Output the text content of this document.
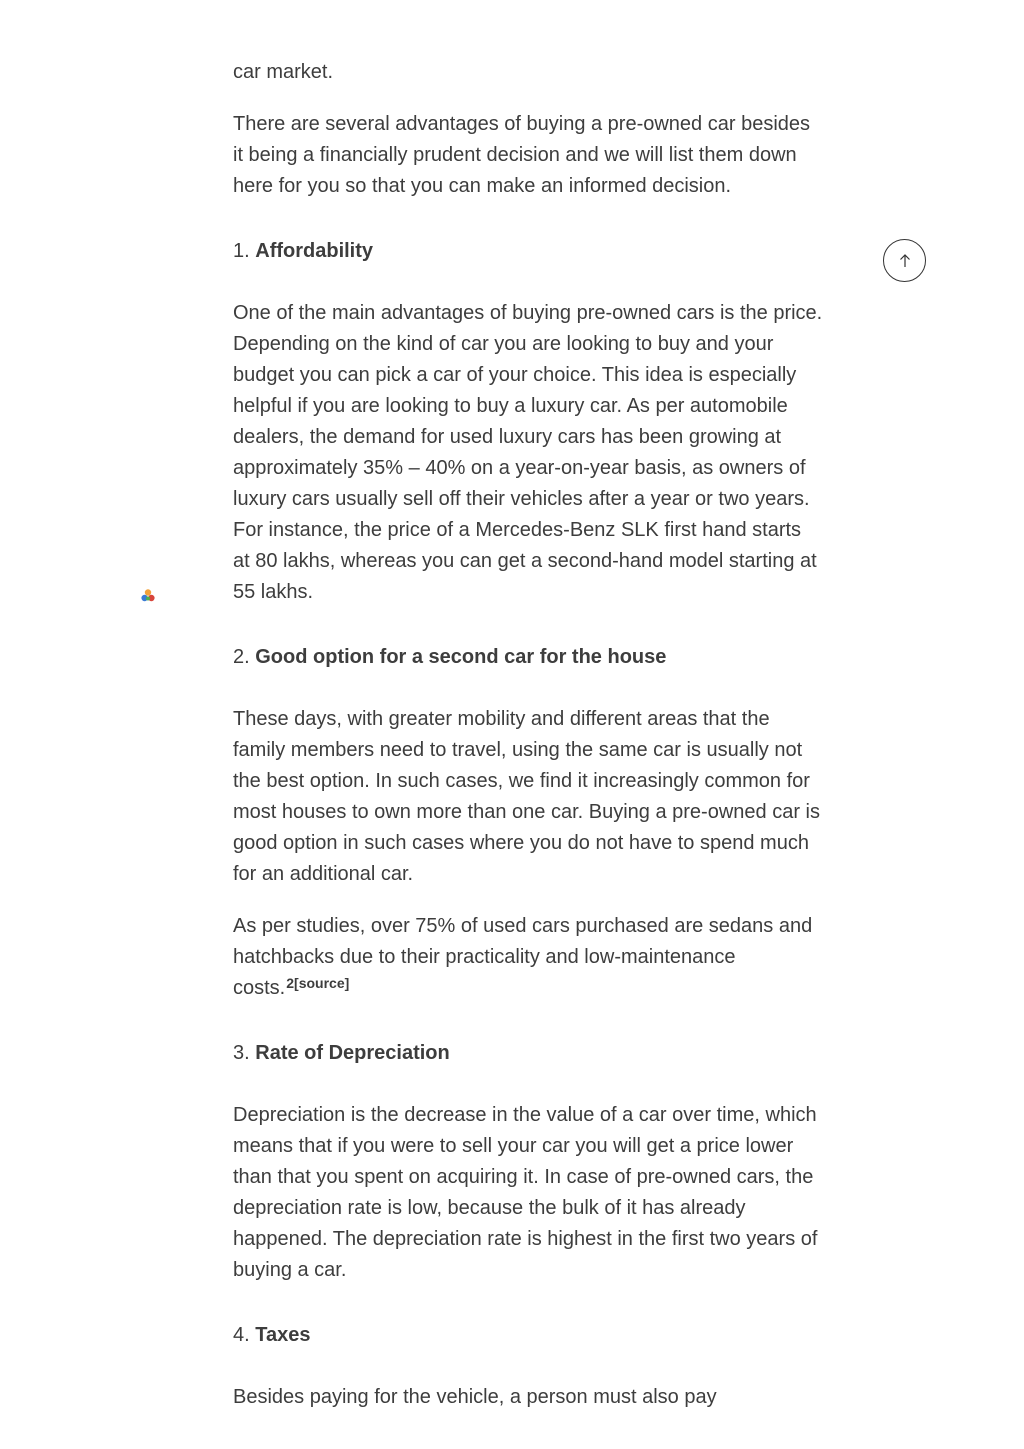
car market.

There are several advantages of buying a pre-owned car besides it being a financially prudent decision and we will list them down here for you so that you can make an informed decision.

1. Affordability

One of the main advantages of buying pre-owned cars is the price. Depending on the kind of car you are looking to buy and your budget you can pick a car of your choice. This idea is especially helpful if you are looking to buy a luxury car. As per automobile dealers, the demand for used luxury cars has been growing at approximately 35% – 40% on a year-on-year basis, as owners of luxury cars usually sell off their vehicles after a year or two years. For instance, the price of a Mercedes-Benz SLK first hand starts at 80 lakhs, whereas you can get a second-hand model starting at 55 lakhs.

2. Good option for a second car for the house

These days, with greater mobility and different areas that the family members need to travel, using the same car is usually not the best option. In such cases, we find it increasingly common for most houses to own more than one car. Buying a pre-owned car is good option in such cases where you do not have to spend much for an additional car.

As per studies, over 75% of used cars purchased are sedans and hatchbacks due to their practicality and low-maintenance costs.$^{2[source]}$

3. Rate of Depreciation

Depreciation is the decrease in the value of a car over time, which means that if you were to sell your car you will get a price lower than that you spent on acquiring it. In case of pre-owned cars, the depreciation rate is low, because the bulk of it has already happened. The depreciation rate is highest in the first two years of buying a car.

4. Taxes

Besides paying for the vehicle, a person must also pay
